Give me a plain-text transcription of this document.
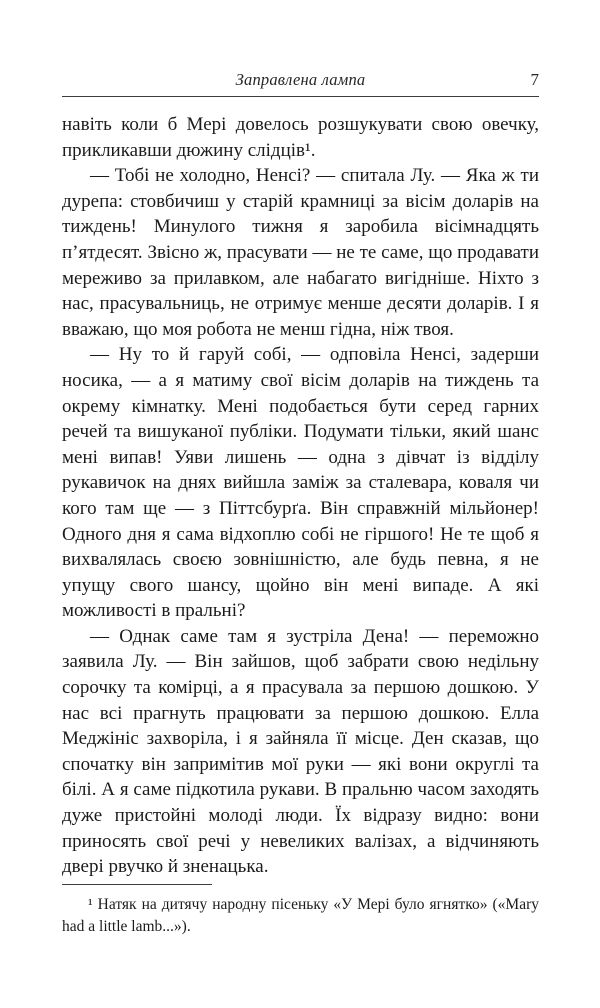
Заправлена лампа	7

навіть коли б Мері довелось розшукувати свою овечку, прикликавши дюжину слідців¹.

— Тобі не холодно, Ненсі? — спитала Лу. — Яка ж ти дурепа: стовбичиш у старій крамниці за вісім доларів на тиждень! Минулого тижня я заробила вісімнадцять п’ятдесят. Звісно ж, прасувати — не те саме, що продавати мереживо за прилавком, але набагато вигідніше. Ніхто з нас, прасувальниць, не отримує менше десяти доларів. І я вважаю, що моя робота не менш гідна, ніж твоя.

— Ну то й гаруй собі, — одповіла Ненсі, задерши носика, — а я матиму свої вісім доларів на тиждень та окрему кімнатку. Мені подобається бути серед гарних речей та вишуканої публіки. Подумати тільки, який шанс мені випав! Уяви лишень — одна з дівчат із відділу рукавичок на днях вийшла заміж за сталевара, коваля чи кого там ще — з Піттсбурґа. Він справжній мільйонер! Одного дня я сама відхоплю собі не гіршого! Не те щоб я вихвалялась своєю зовнішністю, але будь певна, я не упущу свого шансу, щойно він мені випаде. А які можливості в пральні?

— Однак саме там я зустріла Дена! — переможно заявила Лу. — Він зайшов, щоб забрати свою недільну сорочку та комірці, а я прасувала за першою дошкою. У нас всі прагнуть працювати за першою дошкою. Елла Меджініс захворіла, і я зайняла її місце. Ден сказав, що спочатку він запримітив мої руки — які вони округлі та білі. А я саме підкотила рукави. В пральню часом заходять дуже пристойні молоді люди. Їх відразу видно: вони приносять свої речі у невеликих валізах, а відчиняють двері рвучко й зненацька.

¹ Натяк на дитячу народну пісеньку «У Мері було ягнятко» («Mary had a little lamb...»).
